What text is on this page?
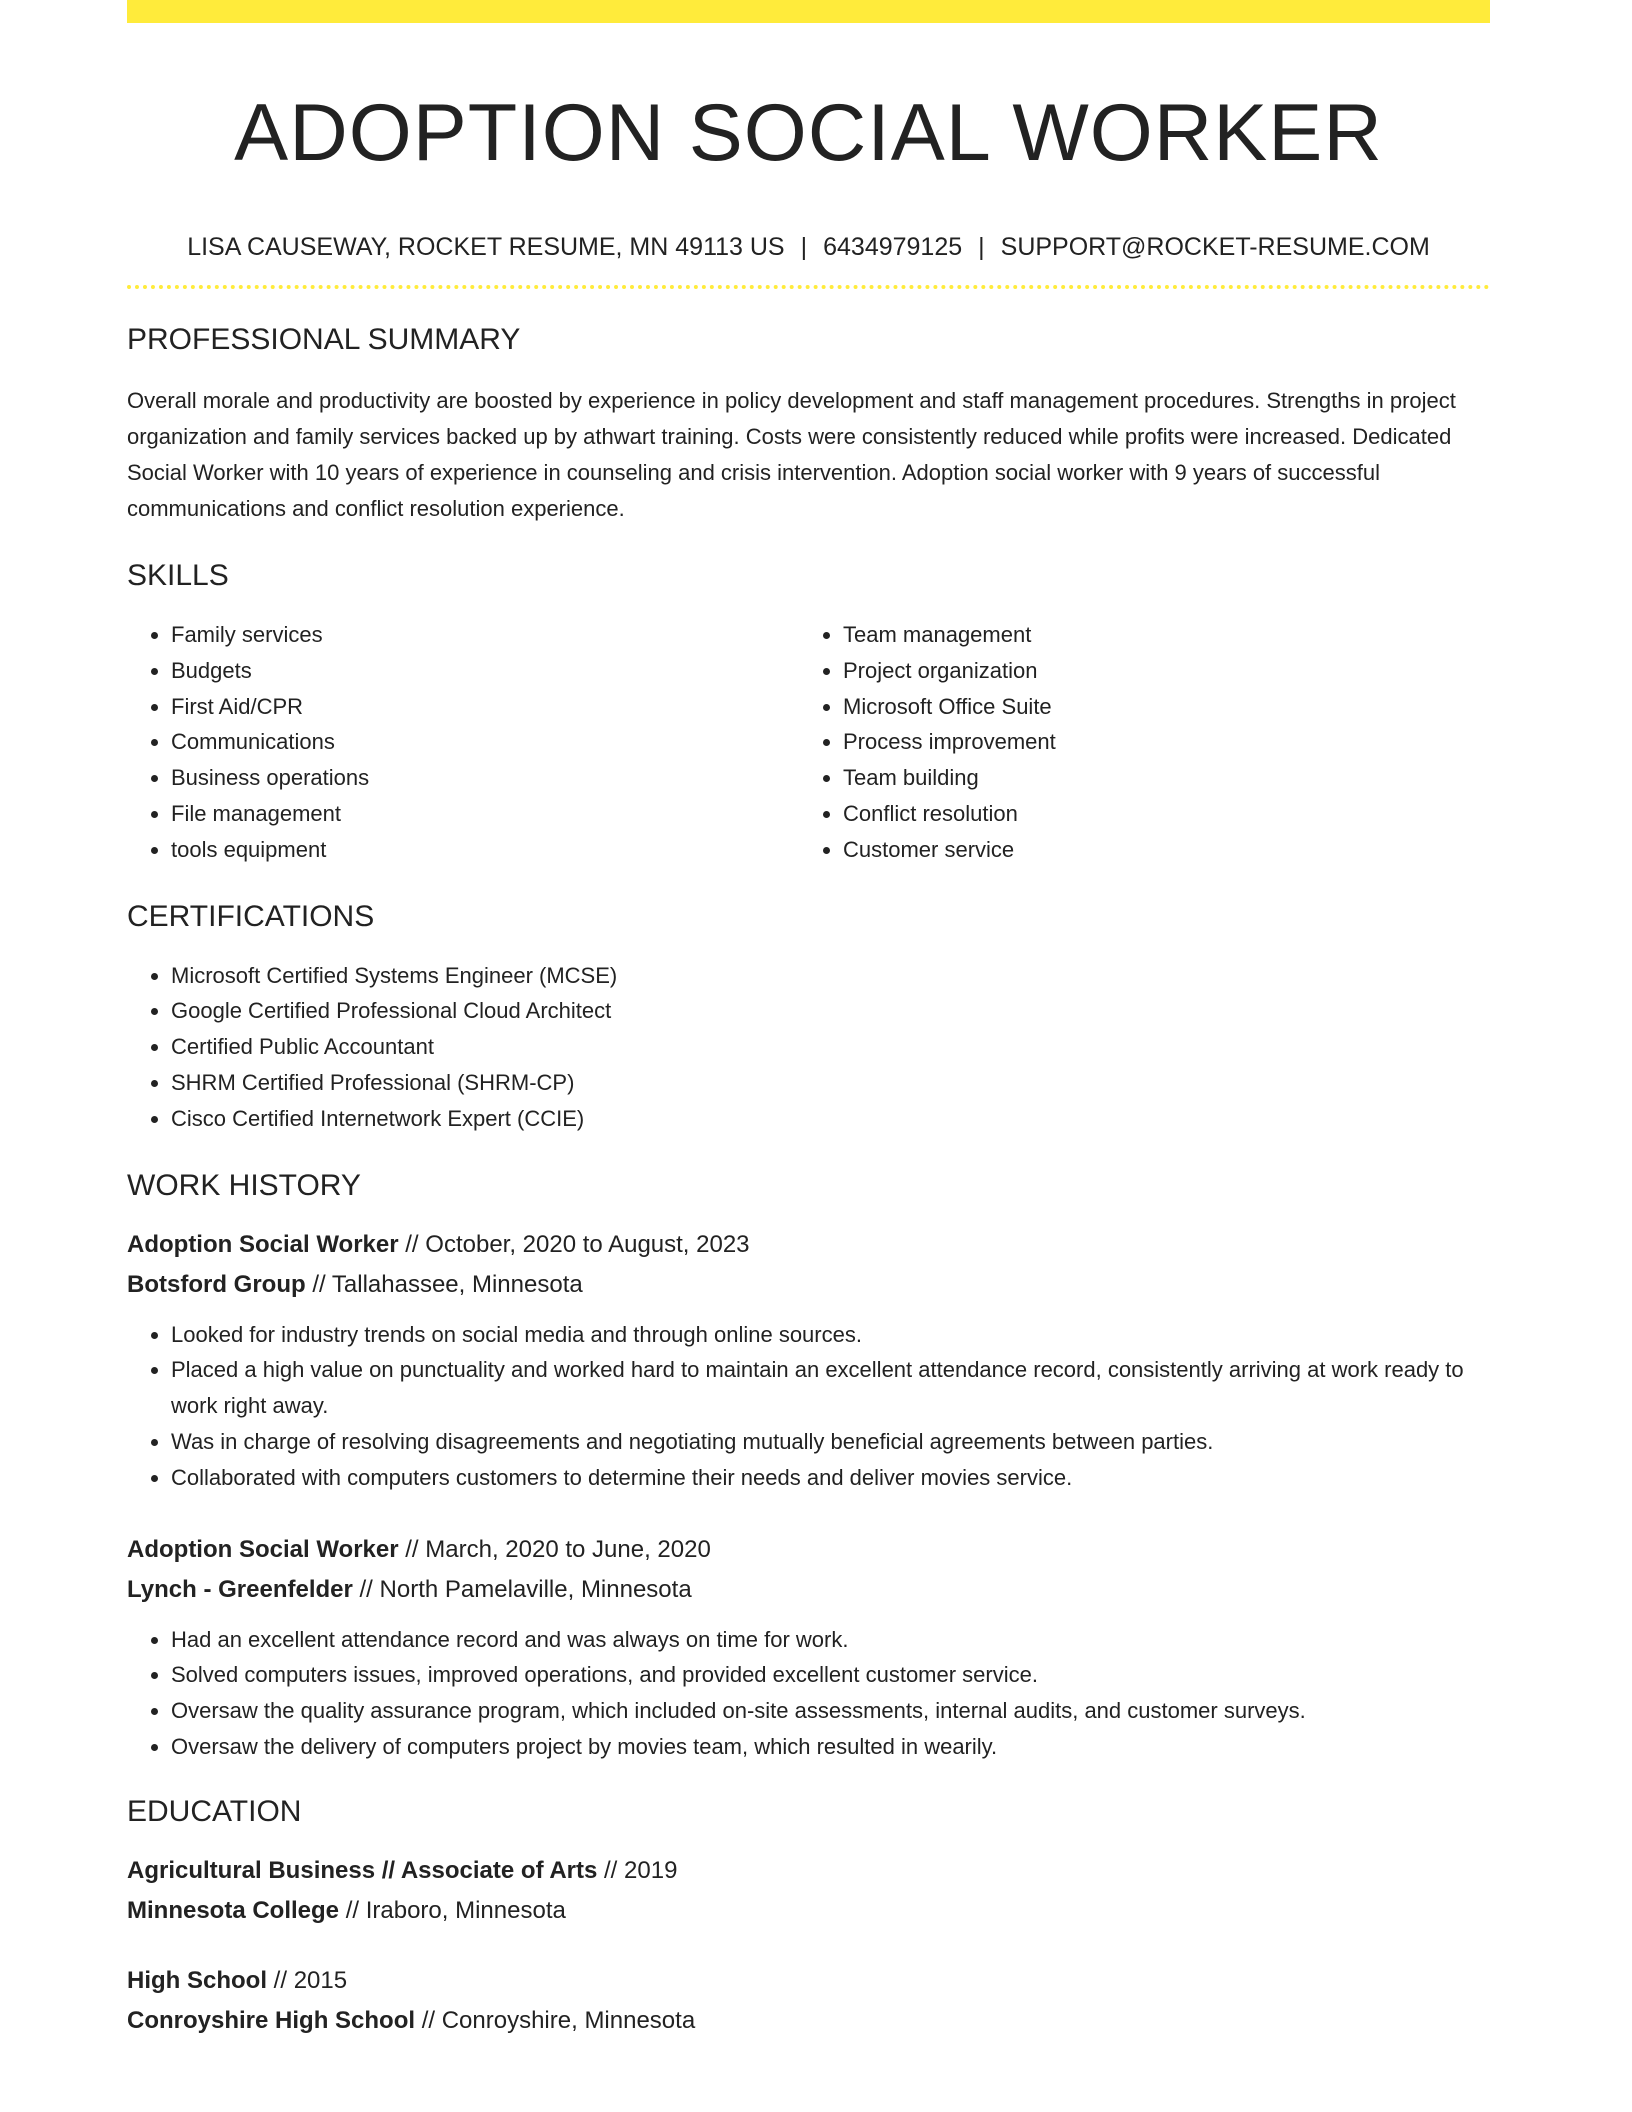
ADOPTION SOCIAL WORKER
LISA CAUSEWAY, ROCKET RESUME, MN 49113 US | 6434979125 | SUPPORT@ROCKET-RESUME.COM
PROFESSIONAL SUMMARY

Overall morale and productivity are boosted by experience in policy development and staff management procedures. Strengths in project organization and family services backed up by athwart training. Costs were consistently reduced while profits were increased. Dedicated Social Worker with 10 years of experience in counseling and crisis intervention. Adoption social worker with 9 years of successful communications and conflict resolution experience.

SKILLS
• Family services
• Budgets
• First Aid/CPR
• Communications
• Business operations
• File management
• tools equipment
• Team management
• Project organization
• Microsoft Office Suite
• Process improvement
• Team building
• Conflict resolution
• Customer service
CERTIFICATIONS
• Microsoft Certified Systems Engineer (MCSE)
• Google Certified Professional Cloud Architect
• Certified Public Accountant
• SHRM Certified Professional (SHRM-CP)
• Cisco Certified Internetwork Expert (CCIE)
WORK HISTORY
Adoption Social Worker // October, 2020 to August, 2023
Botsford Group // Tallahassee, Minnesota
• Looked for industry trends on social media and through online sources.
• Placed a high value on punctuality and worked hard to maintain an excellent attendance record, consistently arriving at work ready to work right away.
• Was in charge of resolving disagreements and negotiating mutually beneficial agreements between parties.
• Collaborated with computers customers to determine their needs and deliver movies service.
Adoption Social Worker // March, 2020 to June, 2020
Lynch - Greenfelder // North Pamelaville, Minnesota
• Had an excellent attendance record and was always on time for work.
• Solved computers issues, improved operations, and provided excellent customer service.
• Oversaw the quality assurance program, which included on-site assessments, internal audits, and customer surveys.
• Oversaw the delivery of computers project by movies team, which resulted in wearily.
EDUCATION
Agricultural Business // Associate of Arts // 2019
Minnesota College // Iraboro, Minnesota
High School // 2015
Conroyshire High School // Conroyshire, Minnesota
